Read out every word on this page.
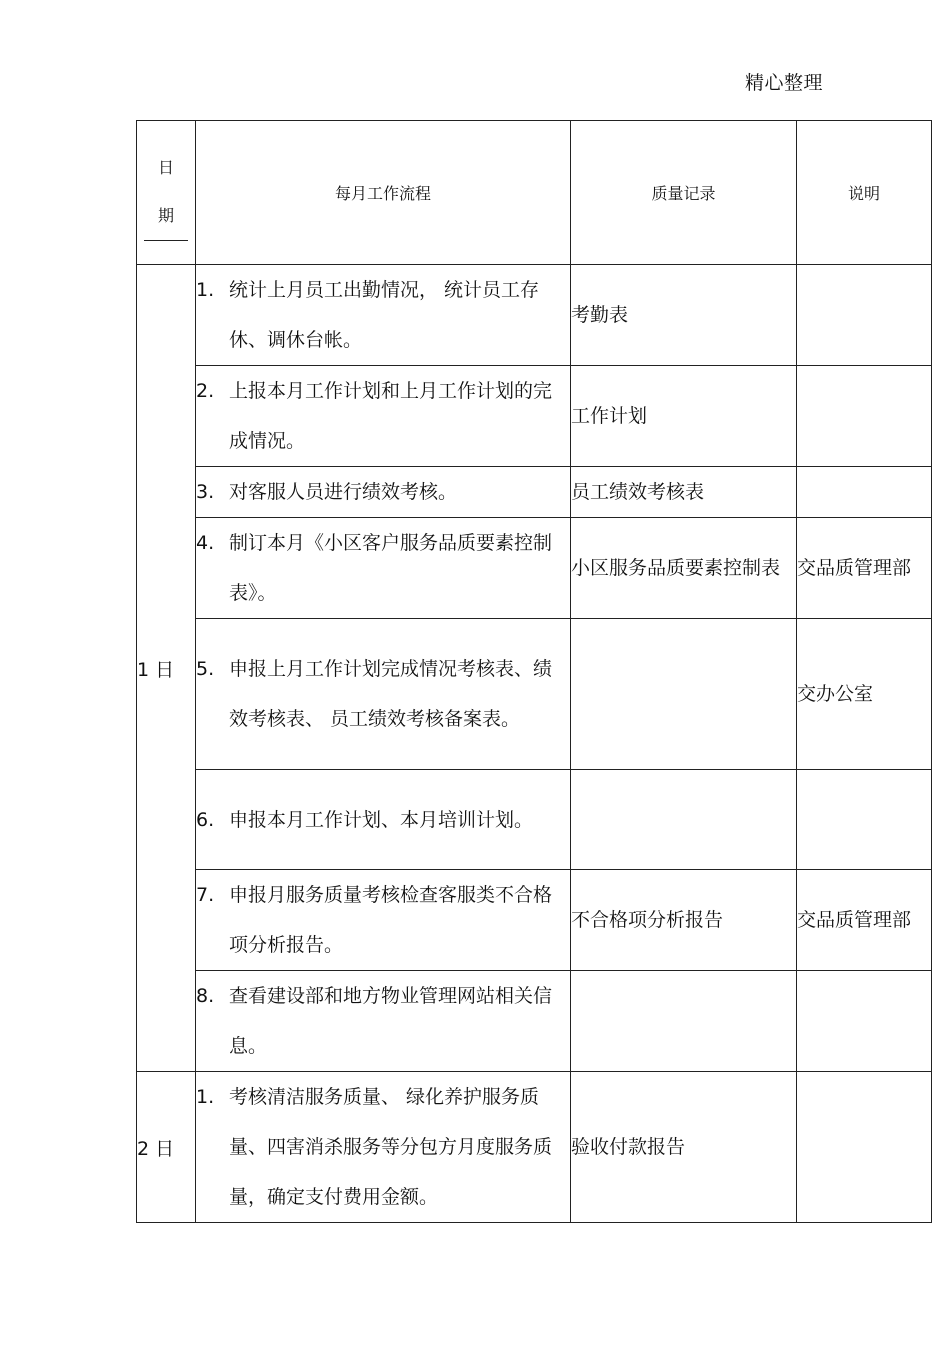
精心整理
日
期	每月工作流程	质量记录	说明
1 日	1. 统计上月员工出勤情况， 统计员工存休、调休台帐。	考勤表	

	2. 上报本月工作计划和上月工作计划的完成情况。	工作计划	

	3. 对客服人员进行绩效考核。	员工绩效考核表	

	4. 制订本月《小区客户服务品质要素控制表》。	小区服务品质要素控制表	交品质管理部

	5. 申报上月工作计划完成情况考核表、绩效考核表、 员工绩效考核备案表。		交办公室

	6. 申报本月工作计划、本月培训计划。		

	7. 申报月服务质量考核检查客服类不合格项分析报告。	不合格项分析报告	交品质管理部

	8. 查看建设部和地方物业管理网站相关信息。		

2 日	1. 考核清洁服务质量、 绿化养护服务质量、四害消杀服务等分包方月度服务质量，确定支付费用金额。	验收付款报告	
